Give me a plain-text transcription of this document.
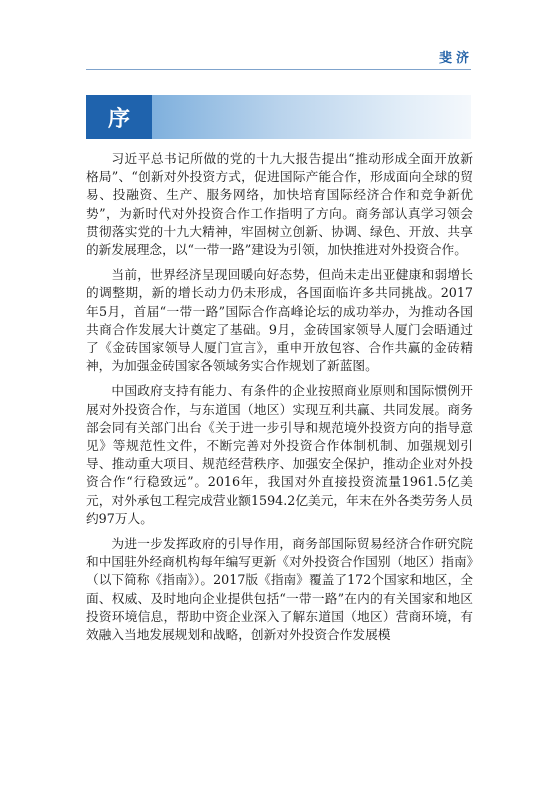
斐济
序

习近平总书记所做的党的十九大报告提出“推动形成全面开放新格局”、“创新对外投资方式，促进国际产能合作，形成面向全球的贸易、投融资、生产、服务网络，加快培育国际经济合作和竞争新优势”，为新时代对外投资合作工作指明了方向。商务部认真学习领会贯彻落实党的十九大精神，牢固树立创新、协调、绿色、开放、共享的新发展理念，以“一带一路”建设为引领，加快推进对外投资合作。

当前，世界经济呈现回暖向好态势，但尚未走出亚健康和弱增长的调整期，新的增长动力仍未形成，各国面临许多共同挑战。2017年5月，首届“一带一路”国际合作高峰论坛的成功举办，为推动各国共商合作发展大计奠定了基础。9月，金砖国家领导人厦门会晤通过了《金砖国家领导人厦门宣言》，重申开放包容、合作共赢的金砖精神，为加强金砖国家各领域务实合作规划了新蓝图。

中国政府支持有能力、有条件的企业按照商业原则和国际惯例开展对外投资合作，与东道国（地区）实现互利共赢、共同发展。商务部会同有关部门出台《关于进一步引导和规范境外投资方向的指导意见》等规范性文件，不断完善对外投资合作体制机制、加强规划引导、推动重大项目、规范经营秩序、加强安全保护，推动企业对外投资合作“行稳致远”。2016年，我国对外直接投资流量1961.5亿美元，对外承包工程完成营业额1594.2亿美元，年末在外各类劳务人员约97万人。

为进一步发挥政府的引导作用，商务部国际贸易经济合作研究院和中国驻外经商机构每年编写更新《对外投资合作国别（地区）指南》（以下简称《指南》）。2017版《指南》覆盖了172个国家和地区，全面、权威、及时地向企业提供包括“一带一路”在内的有关国家和地区投资环境信息，帮助中资企业深入了解东道国（地区）营商环境，有效融入当地发展规划和战略，创新对外投资合作发展模
